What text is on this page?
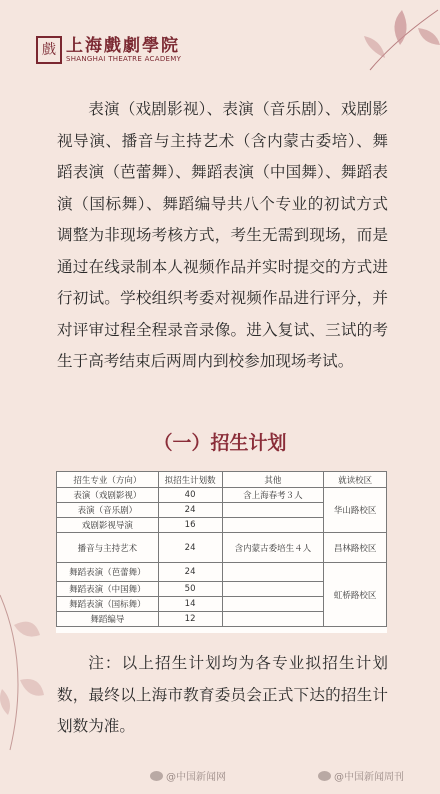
戲 上海戲劇學院
SHANGHAI THEATRE ACADEMY

表演（戏剧影视）、表演（音乐剧）、戏剧影视导演、播音与主持艺术（含内蒙古委培）、舞蹈表演（芭蕾舞）、舞蹈表演（中国舞）、舞蹈表演（国标舞）、舞蹈编导共八个专业的初试方式调整为非现场考核方式，考生无需到现场，而是通过在线录制本人视频作品并实时提交的方式进行初试。学校组织考委对视频作品进行评分，并对评审过程全程录音录像。进入复试、三试的考生于高考结束后两周内到校参加现场考试。

（一）招生计划
招生专业（方向）	拟招生计划数	其他	就读校区
表演（戏剧影视）	40	含上海春考３人	华山路校区
表演（音乐剧）	24		
戏剧影视导演	16		
播音与主持艺术	24	含内蒙古委培生４人	昌林路校区
舞蹈表演（芭蕾舞）	24		虹桥路校区
舞蹈表演（中国舞）	50		
舞蹈表演（国标舞）	14		
舞蹈编导	12		

注：以上招生计划均为各专业拟招生计划数，最终以上海市教育委员会正式下达的招生计划数为准。

@中国新闻网	@中国新闻周刊
